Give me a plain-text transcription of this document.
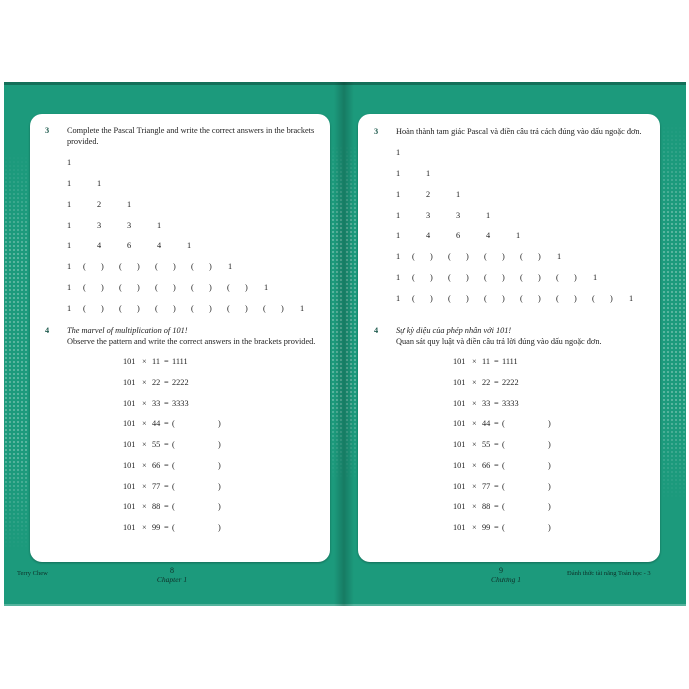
3 Complete the Pascal Triangle and write the correct answers in the brackets
provided.
1
1	1
1	2	1
1	3	3	1
1	4	6	4	1
1 ( ) ( ) ( ) ( ) 1
1 ( ) ( ) ( ) ( ) ( ) 1
1 ( ) ( ) ( ) ( ) ( ) ( ) 1
4 The marvel of multiplication of 101!
Observe the pattern and write the correct answers in the brackets provided.
101 × 11 = 1111
101 × 22 = 2222
101 × 33 = 3333
101 × 44 = (	)
101 × 55 = (	)
101 × 66 = (	)
101 × 77 = (	)
101 × 88 = (	)
101 × 99 = (	)
3 Hoàn thành tam giác Pascal và điền câu trả cách đúng vào dấu ngoặc đơn.
1
1	1
1	2	1
1	3	3	1
1	4	6	4	1
1 ( ) ( ) ( ) ( ) 1
1 ( ) ( ) ( ) ( ) ( ) 1
1 ( ) ( ) ( ) ( ) ( ) ( ) 1
4 Sự kỳ diệu của phép nhân với 101!
Quan sát quy luật và điền câu trả lời đúng vào dấu ngoặc đơn.
101 × 11 = 1111
101 × 22 = 2222
101 × 33 = 3333
101 × 44 = (	)
101 × 55 = (	)
101 × 66 = (	)
101 × 77 = (	)
101 × 88 = (	)
101 × 99 = (	)
Terry Chew	8
Chapter 1
9
Chương 1
Đánh thức tài năng Toán học - 3
